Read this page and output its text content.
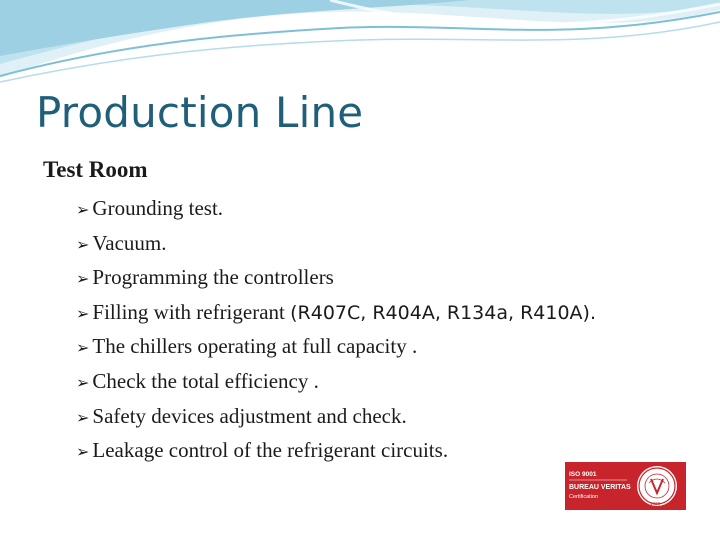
Production Line
Test Room
➢ Grounding test.
➢ Vacuum.
➢ Programming the controllers
➢ Filling with refrigerant (R407C, R404A, R134a, R410A).
➢ The chillers operating at full capacity .
➢ Check the total efficiency .
➢ Safety devices adjustment and check.
➢ Leakage control of the refrigerant circuits.
ISO 9001
BUREAU VERITAS
Certification
1828
